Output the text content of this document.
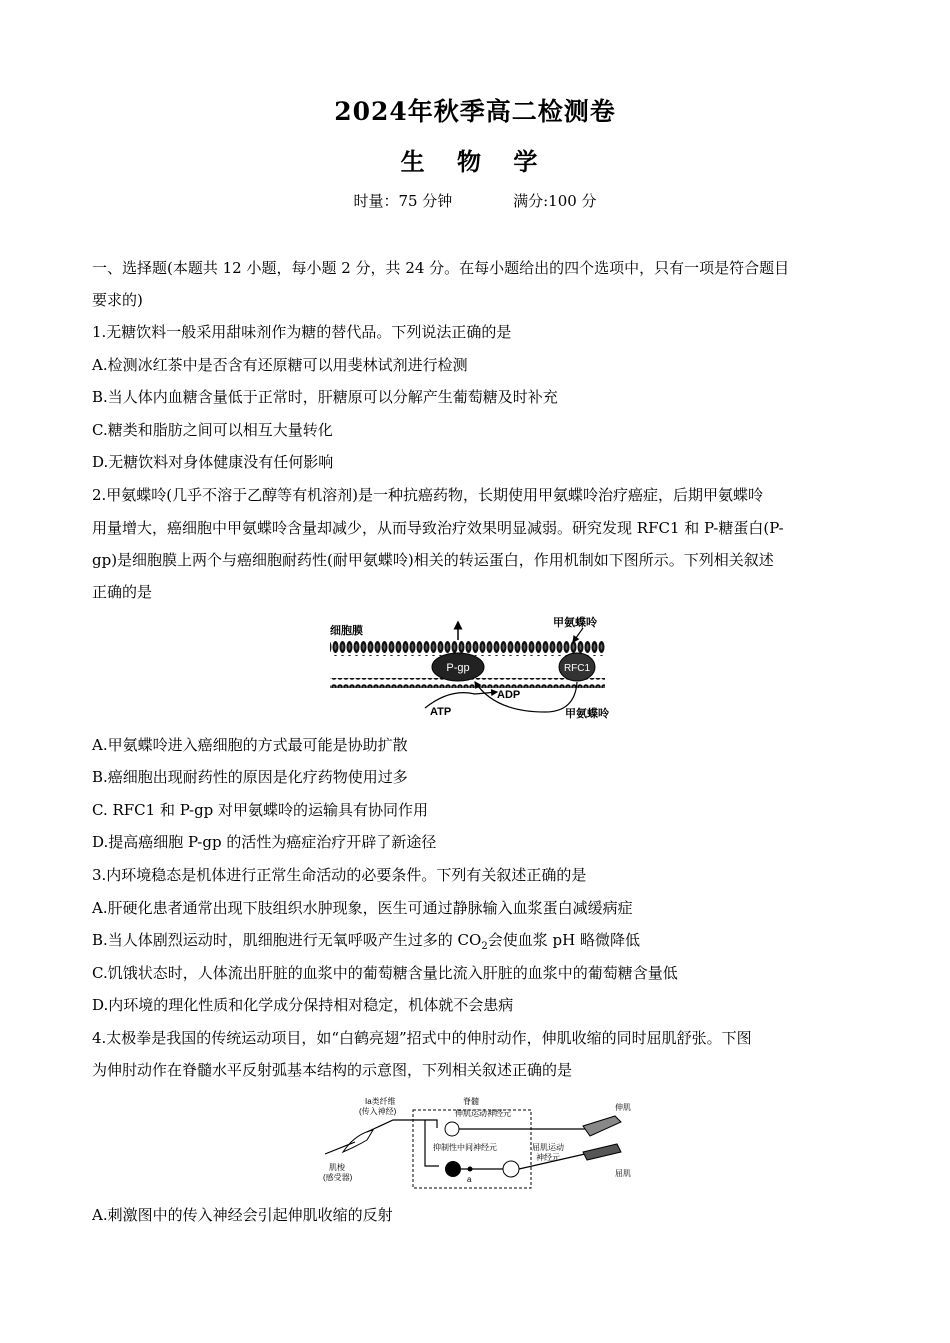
2024年秋季高二检测卷
生 物 学
时量：75 分钟	满分:100 分
一、选择题(本题共 12 小题，每小题 2 分，共 24 分。在每小题给出的四个选项中，只有一项是符合题目
要求的)
1.无糖饮料一般采用甜味剂作为糖的替代品。下列说法正确的是
A.检测冰红茶中是否含有还原糖可以用斐林试剂进行检测
B.当人体内血糖含量低于正常时，肝糖原可以分解产生葡萄糖及时补充
C.糖类和脂肪之间可以相互大量转化
D.无糖饮料对身体健康没有任何影响
2.甲氨蝶呤(几乎不溶于乙醇等有机溶剂)是一种抗癌药物，长期使用甲氨蝶呤治疗癌症，后期甲氨蝶呤
用量增大，癌细胞中甲氨蝶呤含量却减少，从而导致治疗效果明显减弱。研究发现 RFC1 和 P-糖蛋白(P-
gp)是细胞膜上两个与癌细胞耐药性(耐甲氨蝶呤)相关的转运蛋白，作用机制如下图所示。下列相关叙述
正确的是
细胞膜
甲氨蝶呤
P-gp	RFC1
ADP
ATP	甲氨蝶呤
A.甲氨蝶呤进入癌细胞的方式最可能是协助扩散
B.癌细胞出现耐药性的原因是化疗药物使用过多
C. RFC1 和 P-gp 对甲氨蝶呤的运输具有协同作用
D.提高癌细胞 P-gp 的活性为癌症治疗开辟了新途径
3.内环境稳态是机体进行正常生命活动的必要条件。下列有关叙述正确的是
A.肝硬化患者通常出现下肢组织水肿现象，医生可通过静脉输入血浆蛋白减缓病症
B.当人体剧烈运动时，肌细胞进行无氧呼吸产生过多的 $CO_2$会使血浆 pH 略微降低
C.饥饿状态时，人体流出肝脏的血浆中的葡萄糖含量比流入肝脏的血浆中的葡萄糖含量低
D.内环境的理化性质和化学成分保持相对稳定，机体就不会患病
4.太极拳是我国的传统运动项目，如“白鹤亮翅”招式中的伸肘动作，伸肌收缩的同时屈肌舒张。下图
为伸肘动作在脊髓水平反射弧基本结构的示意图，下列相关叙述正确的是
Ia类纤维
(传入神经)
脊髓
伸肌运动神经元
肌梭
(感受器)
抑制性中间神经元
a
屈肌运动
神经元
伸肌
屈肌
A.刺激图中的传入神经会引起伸肌收缩的反射
